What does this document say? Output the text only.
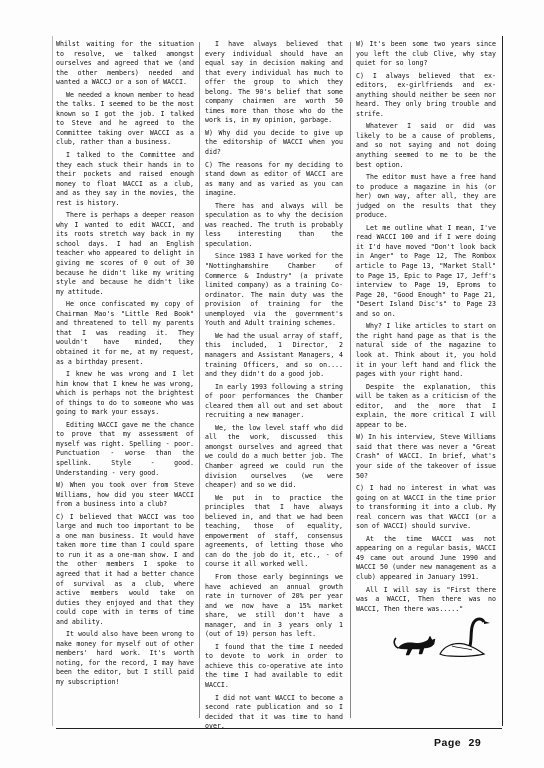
Whilst waiting for the situation to resolve, we talked amongst ourselves and agreed that we (and the other members) needed and wanted a WACCJ or a son of WACCI.

We needed a known member to head the talks. I seemed to be the most known so I got the job. I talked to Steve and he agreed to the Committee taking over WACCI as a club, rather than a business.

I talked to the Committee and they each stuck their hands in to their pockets and raised enough money to float WACCI as a club, and as they say in the movies, the rest is history.

There is perhaps a deeper reason why I wanted to edit WACCI, and its roots stretch way back in my school days. I had an English teacher who appeared to delight in giving me scores of 0 out of 30 because he didn't like my writing style and because he didn't like my attitude.

He once confiscated my copy of Chairman Mao's "Little Red Book" and threatened to tell my parents that I was reading it. They wouldn't have minded, they obtained it for me, at my request, as a birthday present.

I knew he was wrong and I let him know that I knew he was wrong, which is perhaps not the brightest of things to do to someone who was going to mark your essays.

Editing WACCI gave me the chance to prove that my assessment of myself was right. Spelling - poor. Punctuation - worse than the spellink. Style - good. Understanding - very good.

W) When you took over from Steve Williams, how did you steer WACCI from a business into a club?

C) I believed that WACCI was too large and much too important to be a one man business. It would have taken more time than I could spare to run it as a one-man show. I and the other members I spoke to agreed that it had a better chance of survival as a club, where active members would take on duties they enjoyed and that they could cope with in terms of time and ability.

It would also have been wrong to make money for myself out of other members' hard work. It's worth noting, for the record, I may have been the editor, but I still paid my subscription!

I have always believed that every individual should have an equal say in decision making and that every individual has much to offer the group to which they belong. The 90's belief that some company chairmen are worth 50 times more than those who do the work is, in my opinion, garbage.

W) Why did you decide to give up the editorship of WACCI when you did?

C) The reasons for my deciding to stand down as editor of WACCI are as many and as varied as you can imagine.

There has and always will be speculation as to why the decision was reached. The truth is probably less interesting than the speculation.

Since 1983 I have worked for the "Nottinghamshire Chamber of Commerce & Industry" (a private limited company) as a training Co-ordinator. The main duty was the provision of training for the unemployed via the government's Youth and Adult training schemes.

We had the usual array of staff, this included, 1 Director, 2 managers and Assistant Managers, 4 training Officers, and so on.... and they didn't do a good job.

In early 1993 following a string of poor performances the Chamber cleared them all out and set about recruiting a new manager.

We, the low level staff who did all the work, discussed this amongst ourselves and agreed that we could do a much better job. The Chamber agreed we could run the division ourselves (we were cheaper) and so we did.

We put in to practice the principles that I have always believed in, and that we had been teaching, those of equality, empowerment of staff, consensus agreements, of letting those who can do the job do it, etc., - of course it all worked well.

From those early beginnings we have achieved an annual growth rate in turnover of 20% per year and we now have a 15% market share, we still don't have a manager, and in 3 years only 1 (out of 19) person has left.

I found that the time I needed to devote to work in order to achieve this co-operative ate into the time I had available to edit WACCI.

I did not want WACCI to become a second rate publication and so I decided that it was time to hand over.

W) It's been some two years since you left the club Clive, why stay quiet for so long?

C) I always believed that ex-editors, ex-girlfriends and ex-anything should neither be seen nor heard. They only bring trouble and strife.

Whatever I said or did was likely to be a cause of problems, and so not saying and not doing anything seemed to me to be the best option.

The editor must have a free hand to produce a magazine in his (or her) own way, after all, they are judged on the results that they produce.

Let me outline what I mean, I've read WACCI 100 and if I were doing it I'd have moved "Don't look back in Anger" to Page 12, The Rombox article to Page 13, "Market Stall" to Page 15, Epic to Page 17, Jeff's interview to Page 19, Eproms to Page 20, "Good Enough" to Page 21, "Desert Island Disc's" to Page 23 and so on.

Why? I like articles to start on the right hand page as that is the natural side of the magazine to look at. Think about it, you hold it in your left hand and flick the pages with your right hand.

Despite the explanation, this will be taken as a criticism of the editor, and the more that I explain, the more critical I will appear to be.

W) In his interview, Steve Williams said that there was never a "Great Crash" of WACCI. In brief, what's your side of the takeover of issue 50?

C) I had no interest in what was going on at WACCI in the time prior to transforming it into a club. My real concern was that WACCI (or a son of WACCI) should survive.

At the time WACCI was not appearing on a regular basis, WACCI 49 came out around June 1990 and WACCI 50 (under new management as a club) appeared in January 1991.

All I will say is "First there was a WACCI, Then there was no WACCI, Then there was....."

Page 29
